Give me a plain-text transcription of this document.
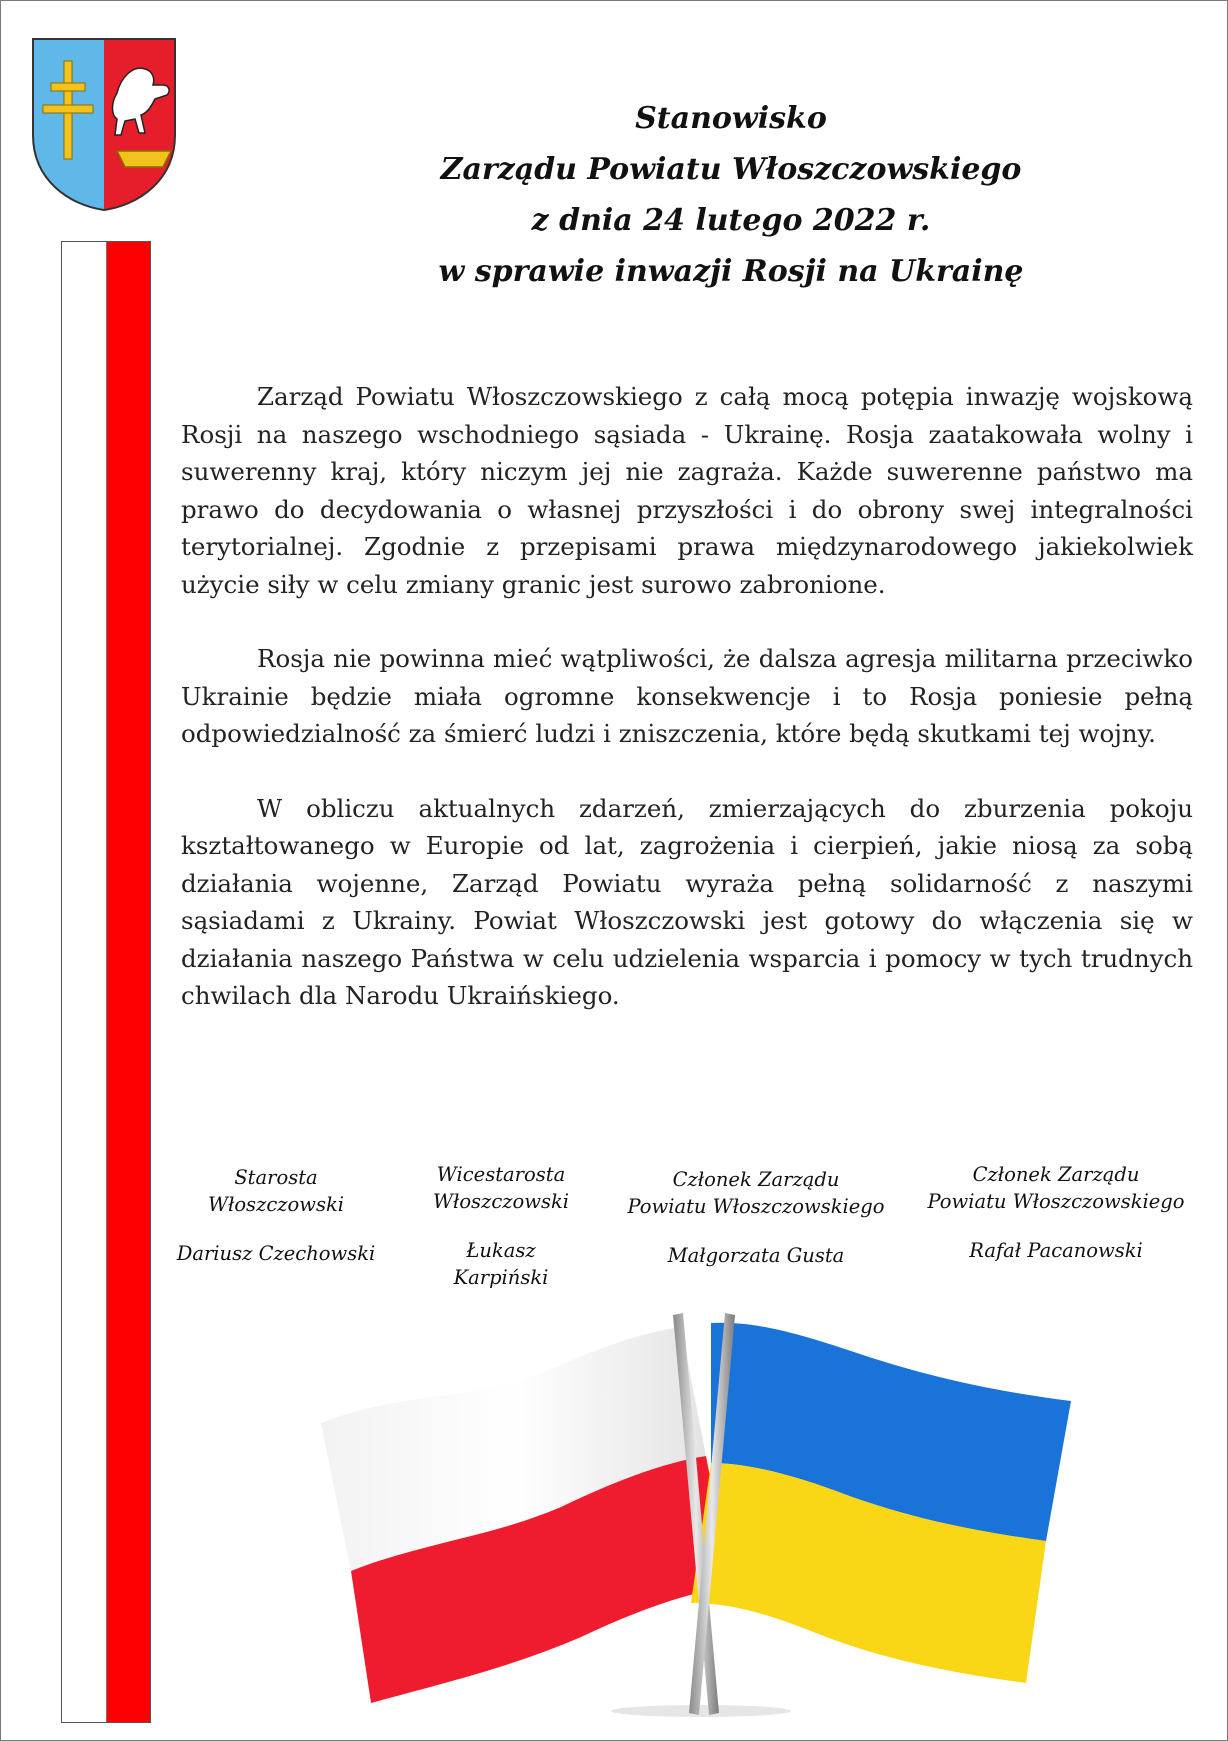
Stanowisko
Zarządu Powiatu Włoszczowskiego
z dnia 24 lutego 2022 r.
w sprawie inwazji Rosji na Ukrainę

Zarząd Powiatu Włoszczowskiego z całą mocą potępia inwazję wojskową Rosji na naszego wschodniego sąsiada - Ukrainę. Rosja zaatakowała wolny i suwerenny kraj, który niczym jej nie zagraża. Każde suwerenne państwo ma prawo do decydowania o własnej przyszłości i do obrony swej integralności terytorialnej. Zgodnie z przepisami prawa międzynarodowego jakiekolwiek użycie siły w celu zmiany granic jest surowo zabronione.

Rosja nie powinna mieć wątpliwości, że dalsza agresja militarna przeciwko Ukrainie będzie miała ogromne konsekwencje i to Rosja poniesie pełną odpowiedzialność za śmierć ludzi i zniszczenia, które będą skutkami tej wojny.

W obliczu aktualnych zdarzeń, zmierzających do zburzenia pokoju kształtowanego w Europie od lat, zagrożenia i cierpień, jakie niosą za sobą działania wojenne, Zarząd Powiatu wyraża pełną solidarność z naszymi sąsiadami z Ukrainy. Powiat Włoszczowski jest gotowy do włączenia się w działania naszego Państwa w celu udzielenia wsparcia i pomocy w tych trudnych chwilach dla Narodu Ukraińskiego.

Starosta
Włoszczowski
Dariusz Czechowski
Wicestarosta
Włoszczowski
Łukasz Karpiński
Członek Zarządu
Powiatu Włoszczowskiego
Małgorzata Gusta
Członek Zarządu
Powiatu Włoszczowskiego
Rafał Pacanowski
